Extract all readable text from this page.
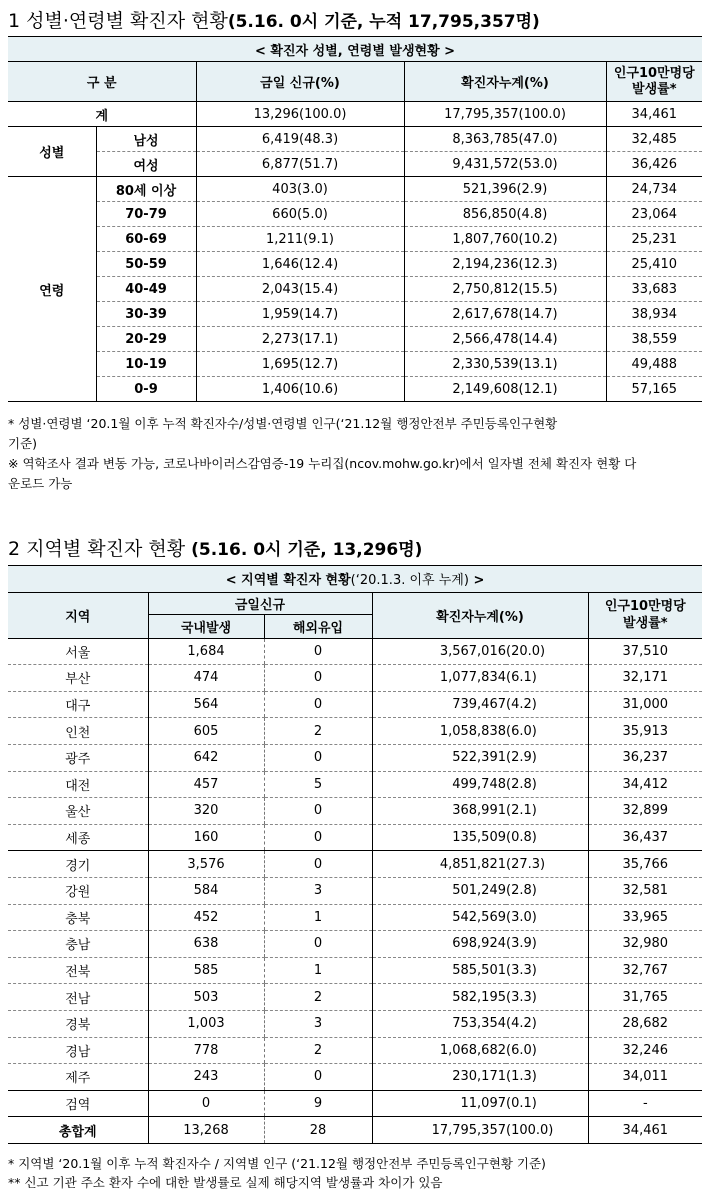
1 성별·연령별 확진자 현황(5.16. 0시 기준, 누적 17,795,357명)
< 확진자 성별, 연령별 발생현황 >				
구 분		금일 신규(%)	확진자누계(%)	인구10만명당
발생률*

계		13,296(100.0)	17,795,357(100.0)	34,461
성별	남성	6,419(48.3)	8,363,785(47.0)	32,485
	여성	6,877(51.7)	9,431,572(53.0)	36,426
연령	80세 이상	403(3.0)	521,396(2.9)	24,734
	70-79	660(5.0)	856,850(4.8)	23,064
	60-69	1,211(9.1)	1,807,760(10.2)	25,231
	50-59	1,646(12.4)	2,194,236(12.3)	25,410
	40-49	2,043(15.4)	2,750,812(15.5)	33,683
	30-39	1,959(14.7)	2,617,678(14.7)	38,934
	20-29	2,273(17.1)	2,566,478(14.4)	38,559
	10-19	1,695(12.7)	2,330,539(13.1)	49,488
	0-9	1,406(10.6)	2,149,608(12.1)	57,165
* 성별·연령별 ‘20.1월 이후 누적 확진자수/성별·연령별 인구(‘21.12월 행정안전부 주민등록인구현황
기준)
※ 역학조사 결과 변동 가능, 코로나바이러스감염증-19 누리집(ncov.mohw.go.kr)에서 일자별 전체 확진자 현황 다
운로드 가능
2 지역별 확진자 현황 (5.16. 0시 기준, 13,296명)
< 지역별 확진자 현황(‘20.1.3. 이후 누계) >					
지역	금일신규		확진자누계(%)		인구10만명당
발생률*

	국내발생	해외유입			
서울	1,684	0	3,567,016	(20.0)	37,510
부산	474	0	1,077,834	(6.1)	32,171
대구	564	0	739,467	(4.2)	31,000
인천	605	2	1,058,838	(6.0)	35,913
광주	642	0	522,391	(2.9)	36,237
대전	457	5	499,748	(2.8)	34,412
울산	320	0	368,991	(2.1)	32,899
세종	160	0	135,509	(0.8)	36,437
경기	3,576	0	4,851,821	(27.3)	35,766
강원	584	3	501,249	(2.8)	32,581
충북	452	1	542,569	(3.0)	33,965
충남	638	0	698,924	(3.9)	32,980
전북	585	1	585,501	(3.3)	32,767
전남	503	2	582,195	(3.3)	31,765
경북	1,003	3	753,354	(4.2)	28,682
경남	778	2	1,068,682	(6.0)	32,246
제주	243	0	230,171	(1.3)	34,011
검역	0	9	11,097	(0.1)	-
총합계	13,268	28	17,795,357	(100.0)	34,461
* 지역별 ‘20.1월 이후 누적 확진자수 / 지역별 인구 (‘21.12월 행정안전부 주민등록인구현황 기준)
** 신고 기관 주소 환자 수에 대한 발생률로 실제 해당지역 발생률과 차이가 있음
